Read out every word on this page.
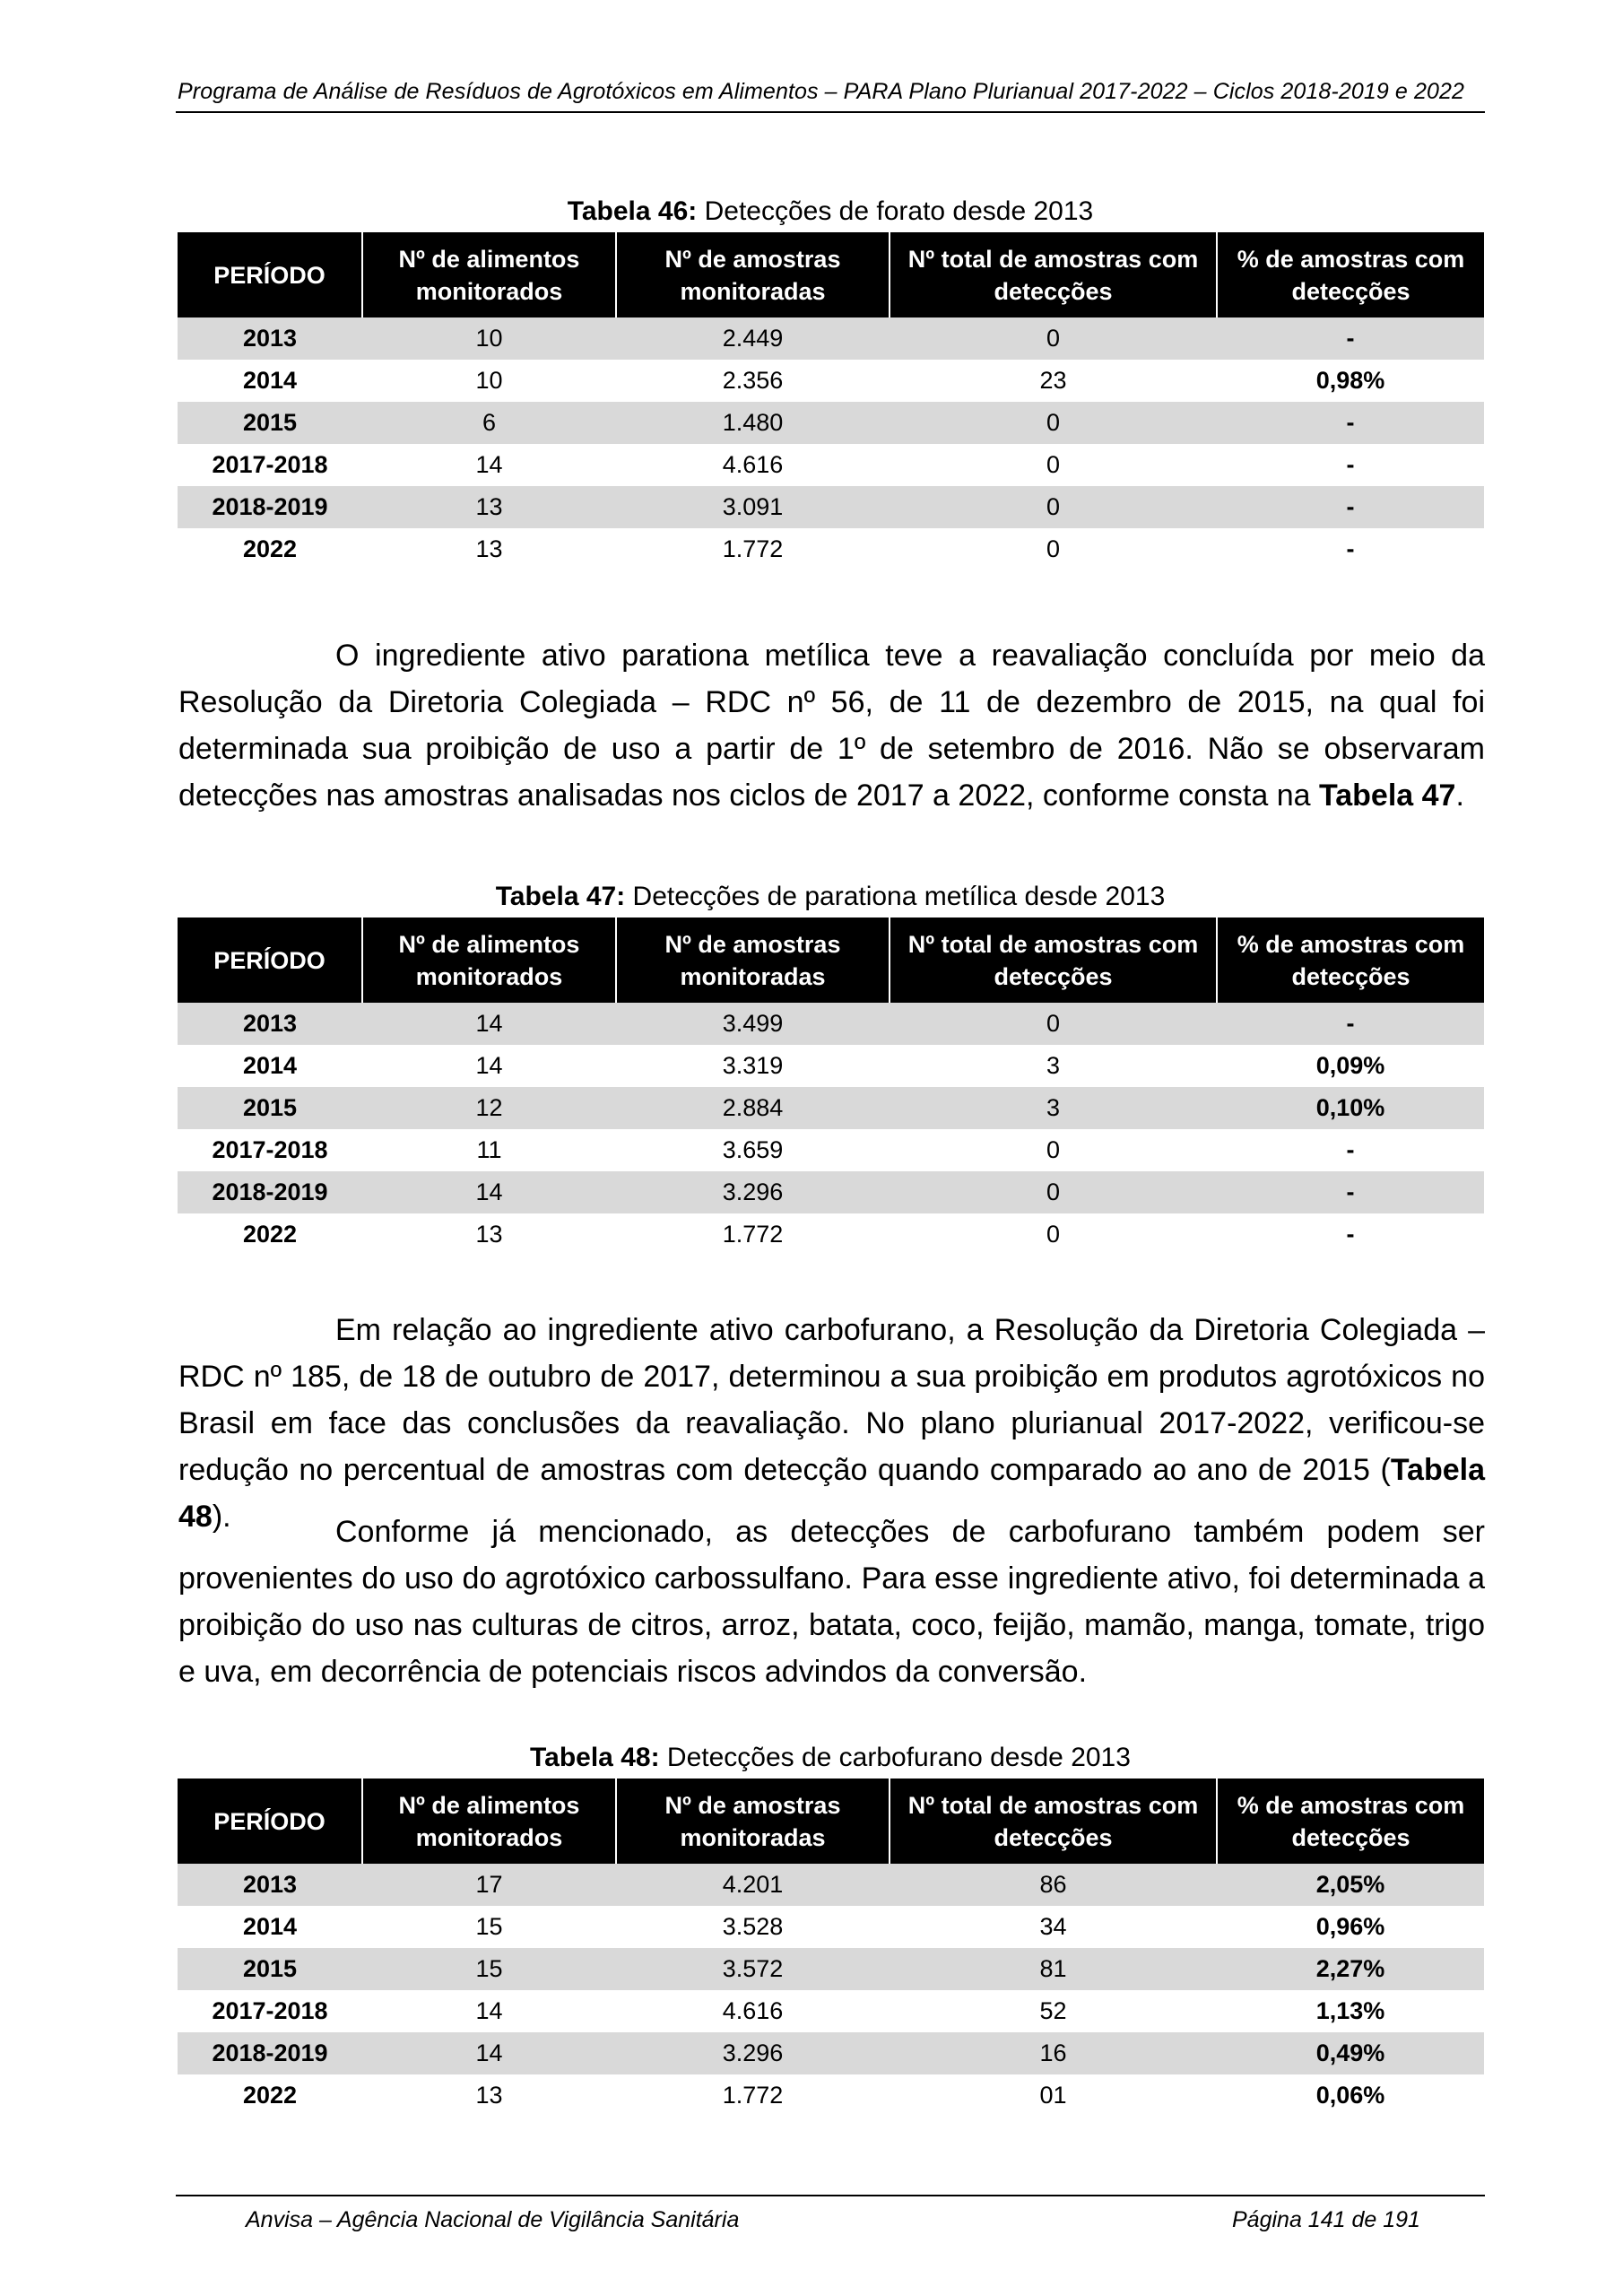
Programa de Análise de Resíduos de Agrotóxicos em Alimentos – PARA Plano Plurianual 2017-2022 – Ciclos 2018-2019 e 2022
Tabela 46: Detecções de forato desde 2013
PERÍODO	Nº de alimentos monitorados	Nº de amostras monitoradas	Nº total de amostras com detecções	% de amostras com detecções
2013	10	2.449	0	-
2014	10	2.356	23	0,98%
2015	6	1.480	0	-
2017-2018	14	4.616	0	-
2018-2019	13	3.091	0	-
2022	13	1.772	0	-
O ingrediente ativo parationa metílica teve a reavaliação concluída por meio da Resolução da Diretoria Colegiada – RDC nº 56, de 11 de dezembro de 2015, na qual foi determinada sua proibição de uso a partir de 1º de setembro de 2016. Não se observaram detecções nas amostras analisadas nos ciclos de 2017 a 2022, conforme consta na Tabela 47.
Tabela 47: Detecções de parationa metílica desde 2013
PERÍODO	Nº de alimentos monitorados	Nº de amostras monitoradas	Nº total de amostras com detecções	% de amostras com detecções
2013	14	3.499	0	-
2014	14	3.319	3	0,09%
2015	12	2.884	3	0,10%
2017-2018	11	3.659	0	-
2018-2019	14	3.296	0	-
2022	13	1.772	0	-
Em relação ao ingrediente ativo carbofurano, a Resolução da Diretoria Colegiada – RDC nº 185, de 18 de outubro de 2017, determinou a sua proibição em produtos agrotóxicos no Brasil em face das conclusões da reavaliação. No plano plurianual 2017-2022, verificou-se redução no percentual de amostras com detecção quando comparado ao ano de 2015 (Tabela 48).	Conforme já mencionado, as detecções de carbofurano também podem ser provenientes do uso do agrotóxico carbossulfano. Para esse ingrediente ativo, foi determinada a proibição do uso nas culturas de citros, arroz, batata, coco, feijão, mamão, manga, tomate, trigo e uva, em decorrência de potenciais riscos advindos da conversão.
Tabela 48: Detecções de carbofurano desde 2013
PERÍODO	Nº de alimentos monitorados	Nº de amostras monitoradas	Nº total de amostras com detecções	% de amostras com detecções
2013	17	4.201	86	2,05%
2014	15	3.528	34	0,96%
2015	15	3.572	81	2,27%
2017-2018	14	4.616	52	1,13%
2018-2019	14	3.296	16	0,49%
2022	13	1.772	01	0,06%
Anvisa – Agência Nacional de Vigilância Sanitária	Página 141 de 191
